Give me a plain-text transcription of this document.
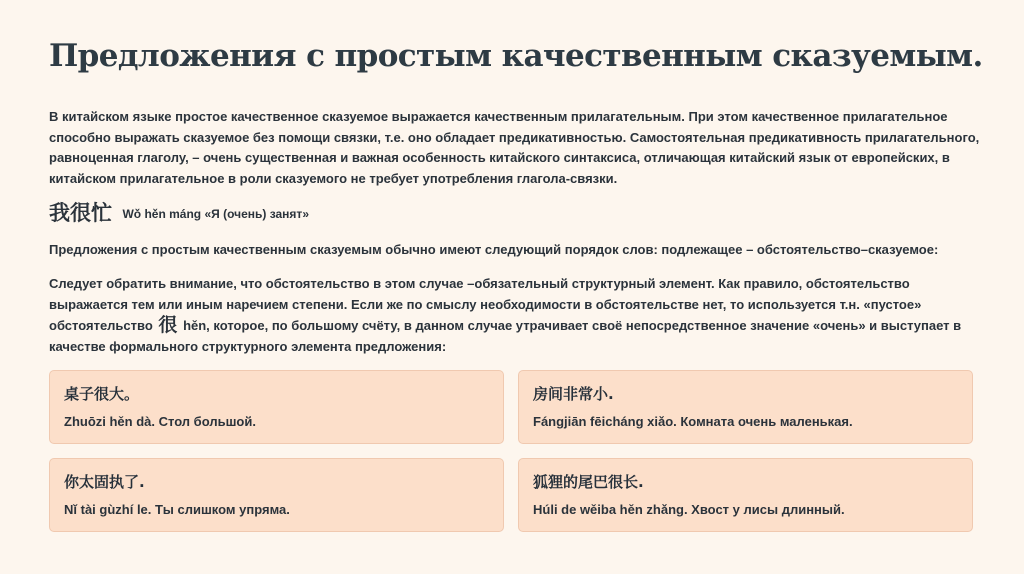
Предложения с простым качественным сказуемым.

В китайском языке простое качественное сказуемое выражается качественным прилагательным. При этом качественное прилагательное способно выражать сказуемое без помощи связки, т.е. оно обладает предикативностью. Самостоятельная предикативность прилагательного, равноценная глаголу, – очень существенная и важная особенность китайского синтаксиса, отличающая китайский язык от европейских, в китайском прилагательное в роли сказуемого не требует употребления глагола-связки.

我很忙 Wǒ hěn máng «Я (очень) занят»

Предложения с простым качественным сказуемым обычно имеют следующий порядок слов: подлежащее – обстоятельство–сказуемое:

Следует обратить внимание, что обстоятельство в этом случае –обязательный структурный элемент. Как правило, обстоятельство выражается тем или иным наречием степени. Если же по смыслу необходимости в обстоятельстве нет, то используется т.н. «пустое» обстоятельство 很 hěn, которое, по большому счёту, в данном случае утрачивает своё непосредственное значение «очень» и выступает в качестве формального структурного элемента предложения:

桌子很大。
Zhuōzi hěn dà. Стол большой.
房间非常小.
Fángjiān fēicháng xiǎo. Комната очень маленькая.
你太固执了.
Nǐ tài gùzhí le. Ты слишком упряма.
狐狸的尾巴很长.
Húli de wěiba hěn zhǎng. Хвост у лисы длинный.
